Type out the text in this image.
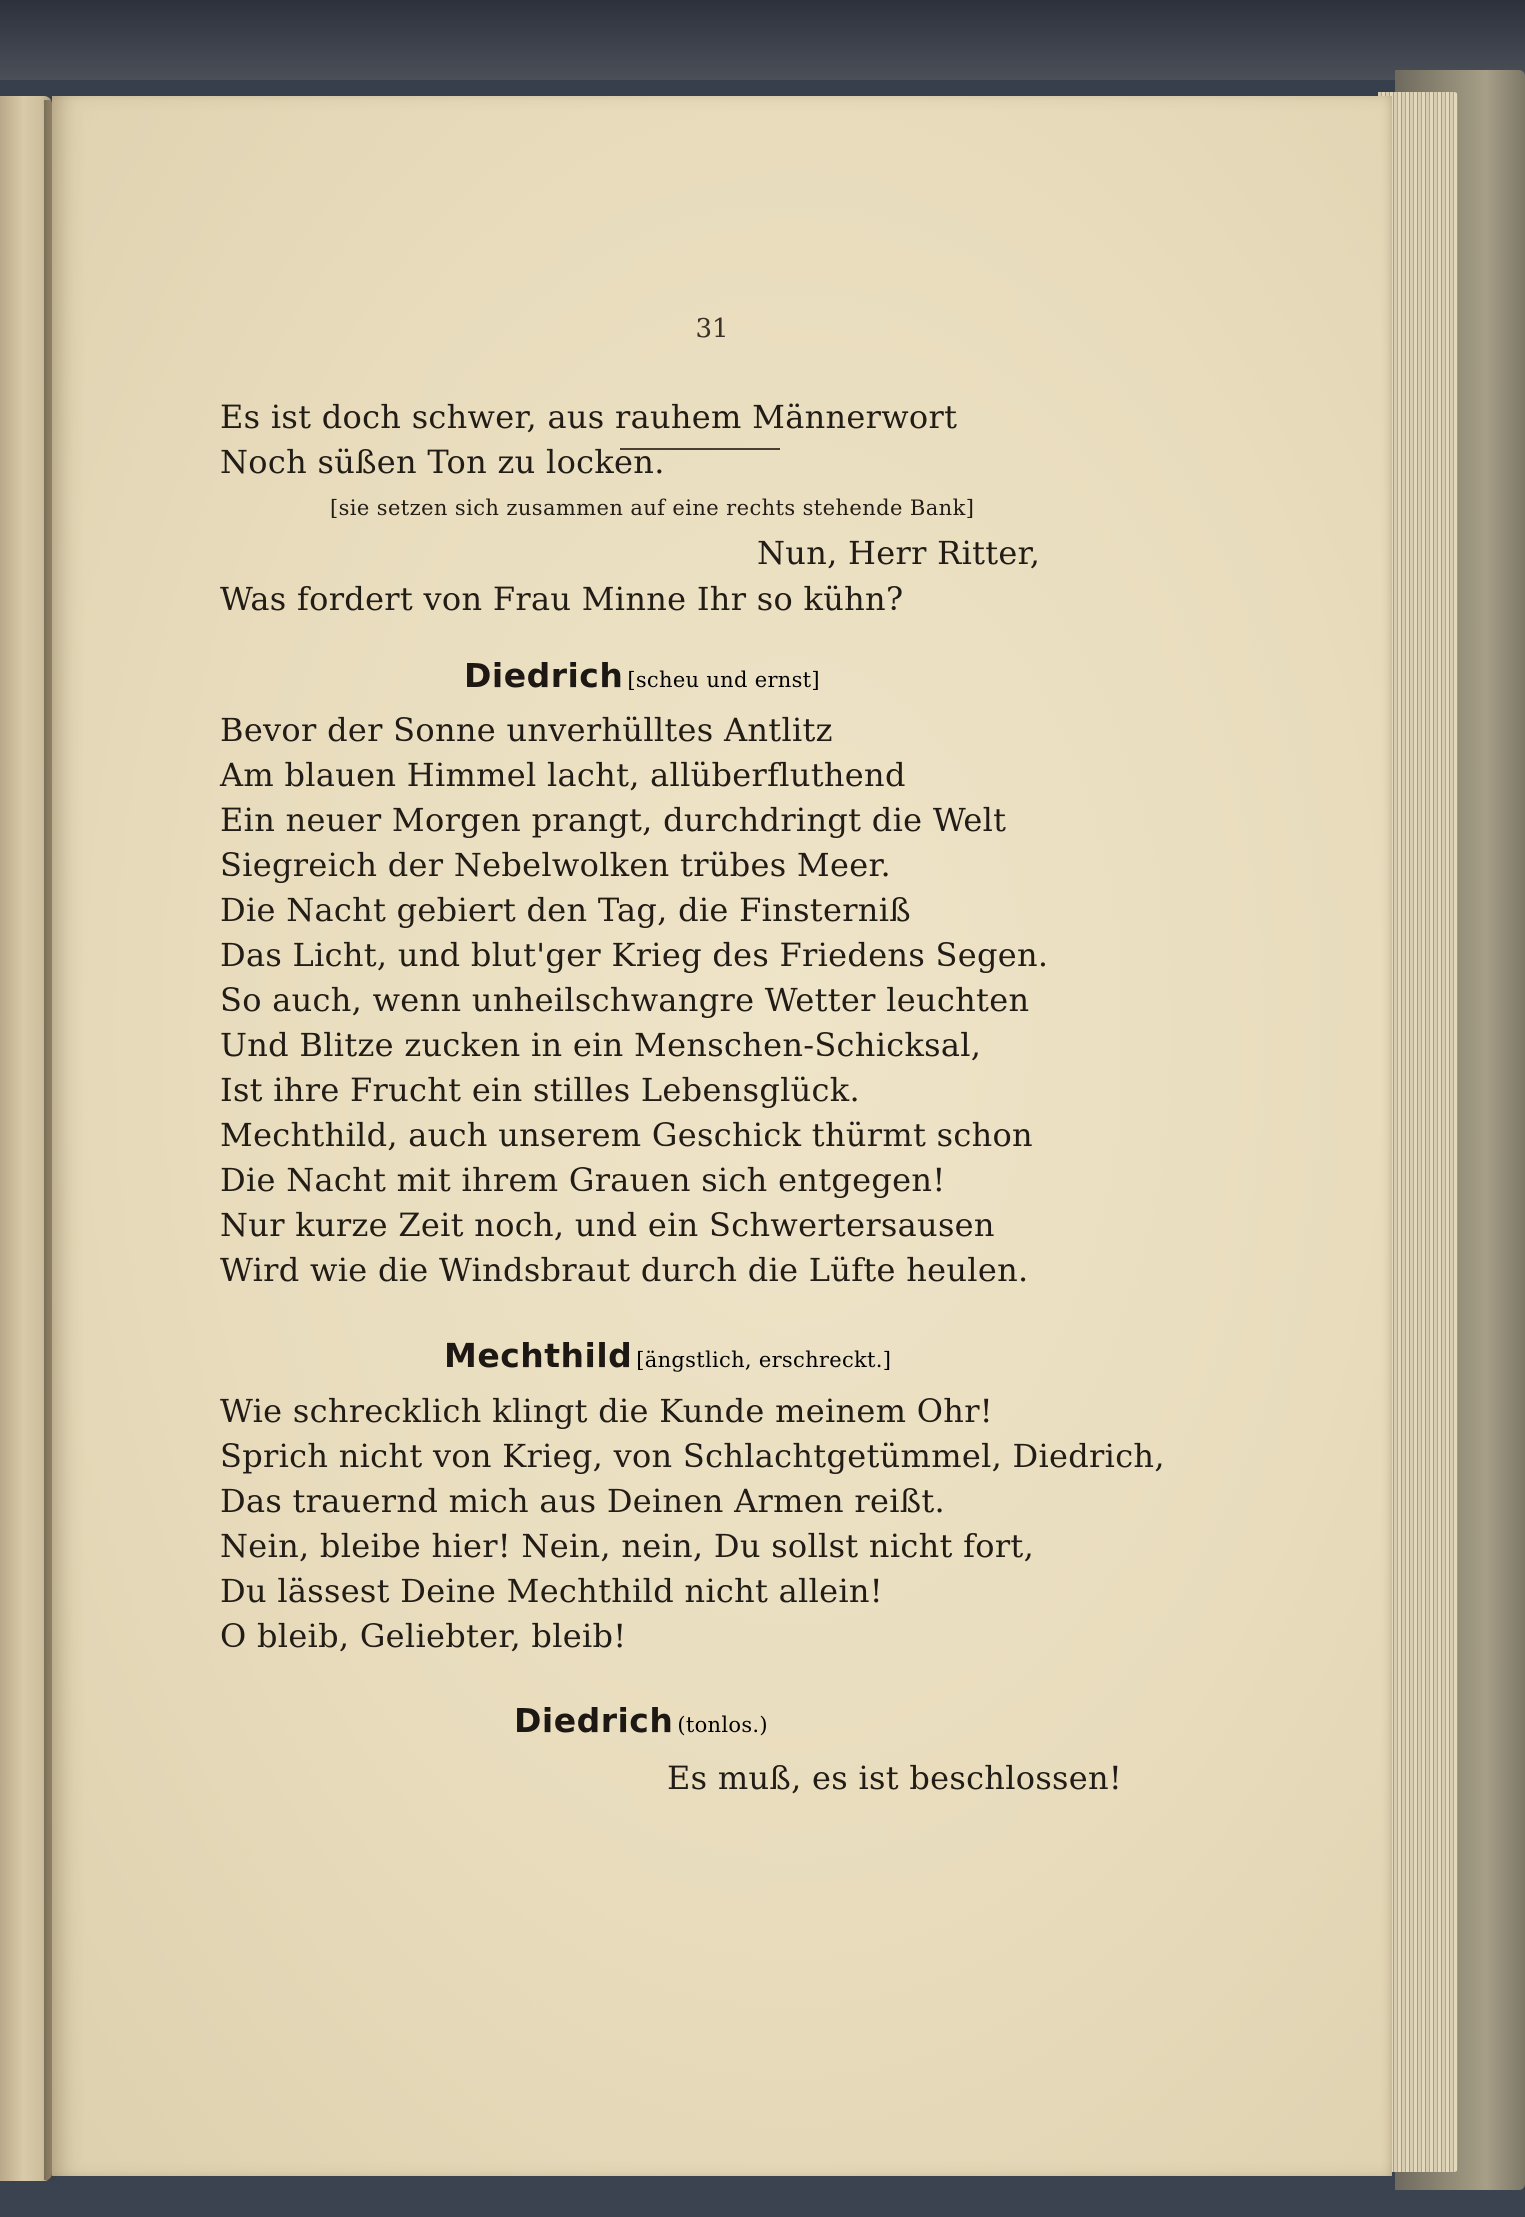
31

Es ist doch schwer, aus rauhem Männerwort

Noch süßen Ton zu locken.

[sie setzen sich zusammen auf eine rechts stehende Bank]

Nun, Herr Ritter,

Was fordert von Frau Minne Ihr so kühn?

Diedrich [scheu und ernst]

Bevor der Sonne unverhülltes Antlitz

Am blauen Himmel lacht, allüberfluthend

Ein neuer Morgen prangt, durchdringt die Welt

Siegreich der Nebelwolken trübes Meer.

Die Nacht gebiert den Tag, die Finsterniß

Das Licht, und blut'ger Krieg des Friedens Segen.

So auch, wenn unheilschwangre Wetter leuchten

Und Blitze zucken in ein Menschen-Schicksal,

Ist ihre Frucht ein stilles Lebensglück.

Mechthild, auch unserem Geschick thürmt schon

Die Nacht mit ihrem Grauen sich entgegen!

Nur kurze Zeit noch, und ein Schwertersausen

Wird wie die Windsbraut durch die Lüfte heulen.

Mechthild [ängstlich, erschreckt.]

Wie schrecklich klingt die Kunde meinem Ohr!

Sprich nicht von Krieg, von Schlachtgetümmel, Diedrich,

Das trauernd mich aus Deinen Armen reißt.

Nein, bleibe hier! Nein, nein, Du sollst nicht fort,

Du lässest Deine Mechthild nicht allein!

O bleib, Geliebter, bleib!

Diedrich (tonlos.)

Es muß, es ist beschlossen!
